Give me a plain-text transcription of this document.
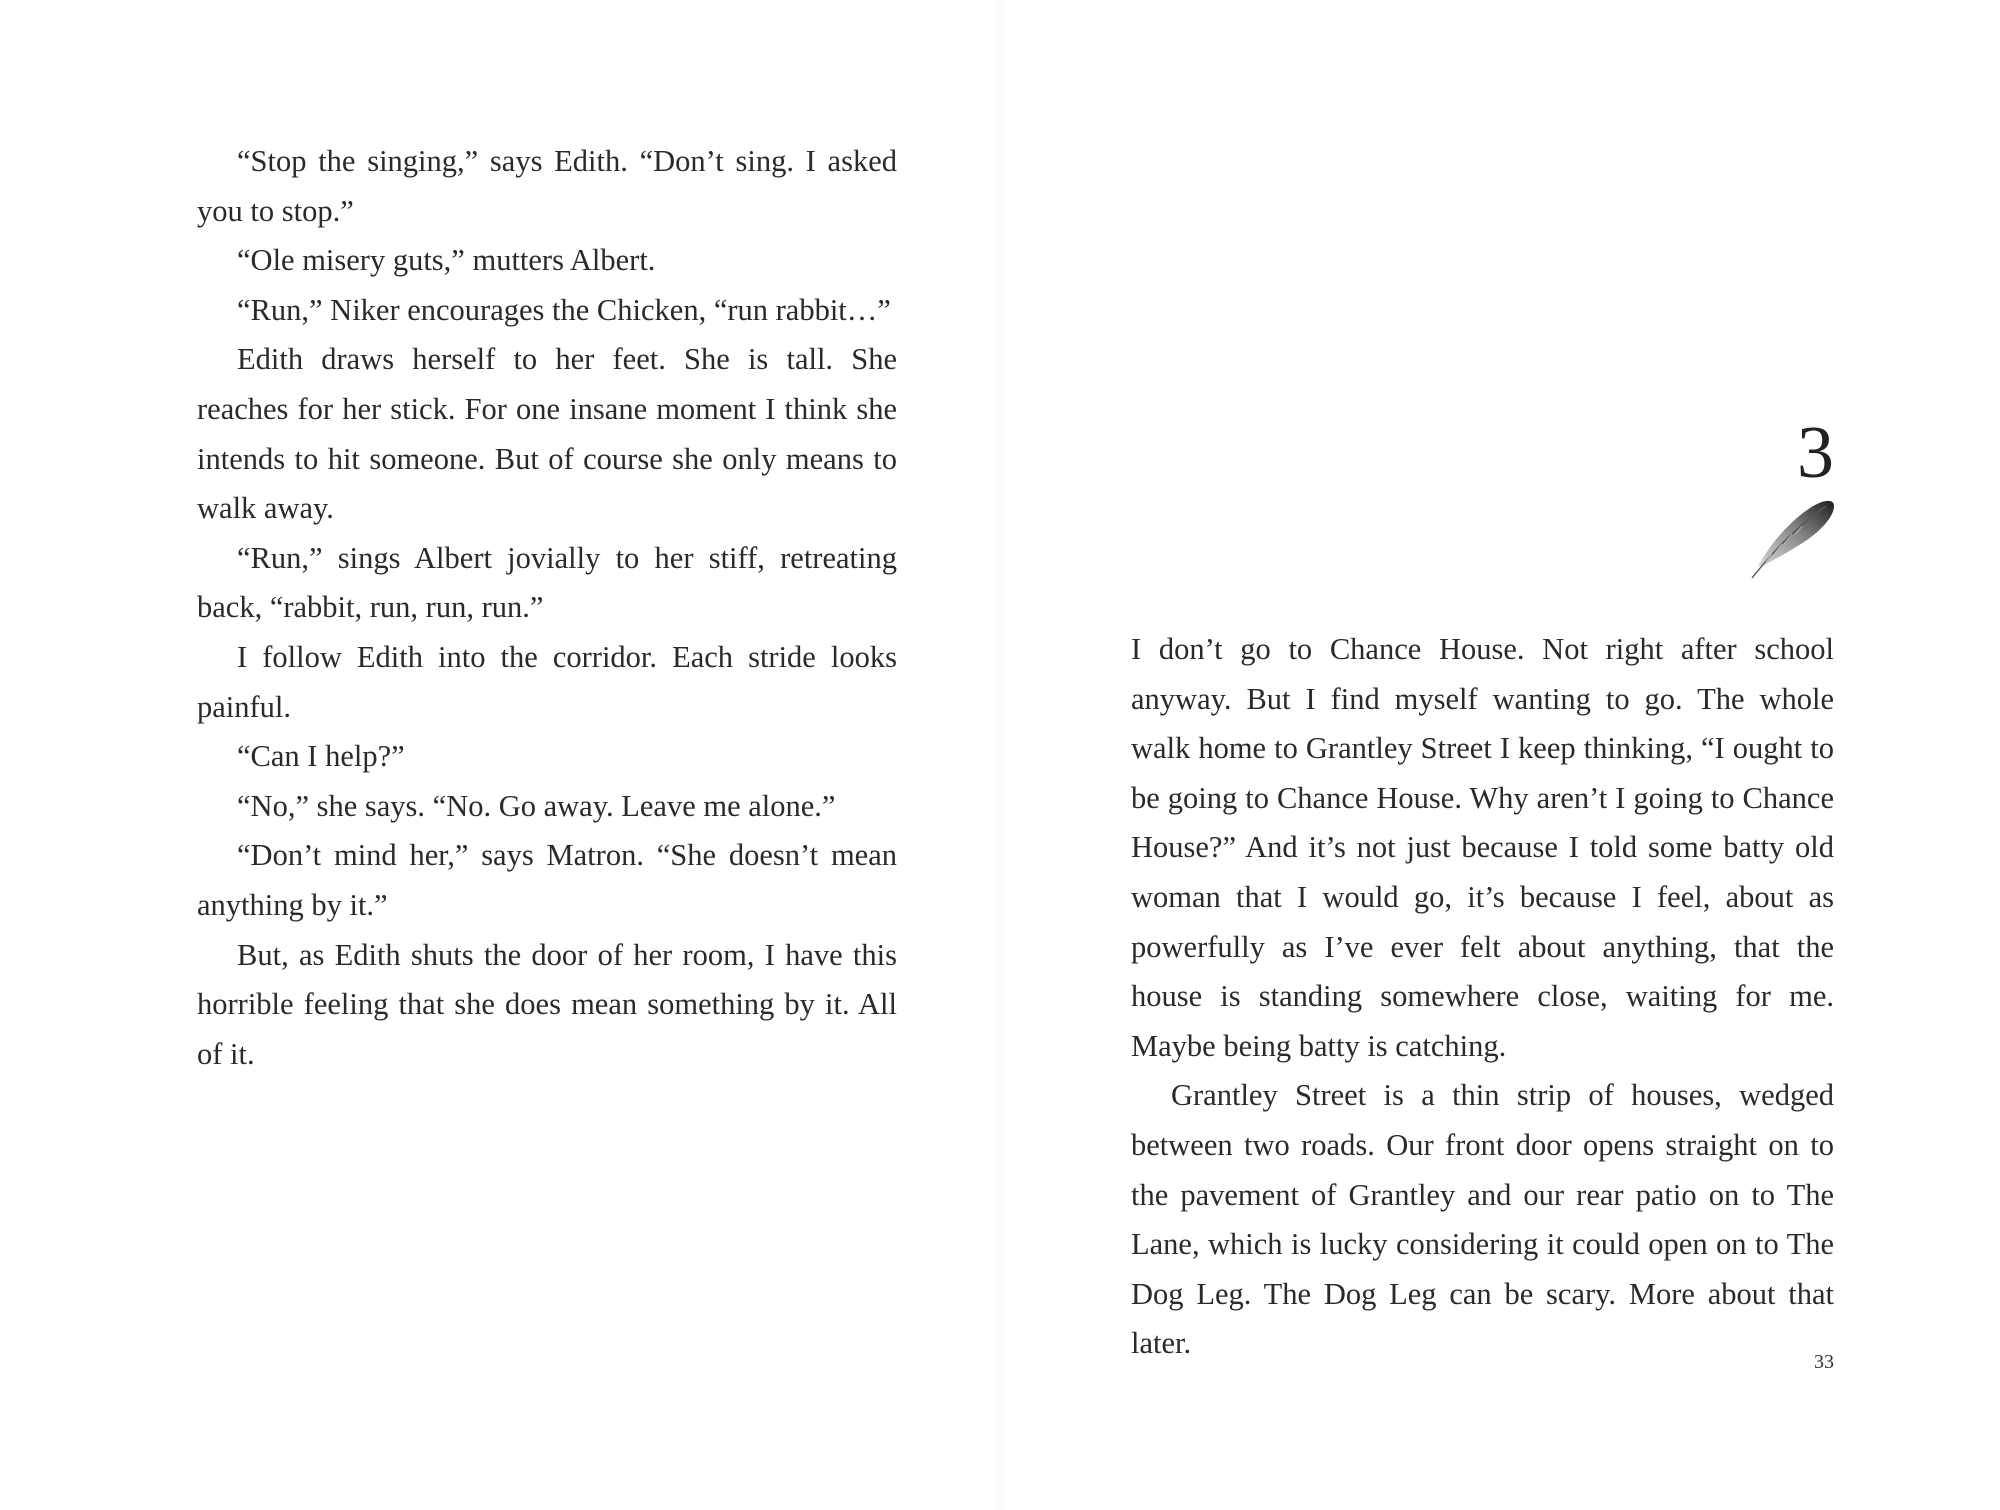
“Stop the singing,” says Edith. “Don’t sing. I asked you to stop.”

“Ole misery guts,” mutters Albert.

“Run,” Niker encourages the Chicken, “run rabbit…”

Edith draws herself to her feet. She is tall. She reaches for her stick. For one insane moment I think she intends to hit someone. But of course she only means to walk away.

“Run,” sings Albert jovially to her stiff, retreating back, “rabbit, run, run, run.”

I follow Edith into the corridor. Each stride looks painful.

“Can I help?”

“No,” she says. “No. Go away. Leave me alone.”

“Don’t mind her,” says Matron. “She doesn’t mean anything by it.”

But, as Edith shuts the door of her room, I have this horrible feeling that she does mean something by it. All of it.

3

I don’t go to Chance House. Not right after school anyway. But I find myself wanting to go. The whole walk home to Grantley Street I keep thinking, “I ought to be going to Chance House. Why aren’t I going to Chance House?” And it’s not just because I told some batty old woman that I would go, it’s because I feel, about as powerfully as I’ve ever felt about anything, that the house is standing somewhere close, waiting for me. Maybe being batty is catching.

Grantley Street is a thin strip of houses, wedged between two roads. Our front door opens straight on to the pavement of Grantley and our rear patio on to The Lane, which is lucky considering it could open on to The Dog Leg. The Dog Leg can be scary. More about that later.

33
